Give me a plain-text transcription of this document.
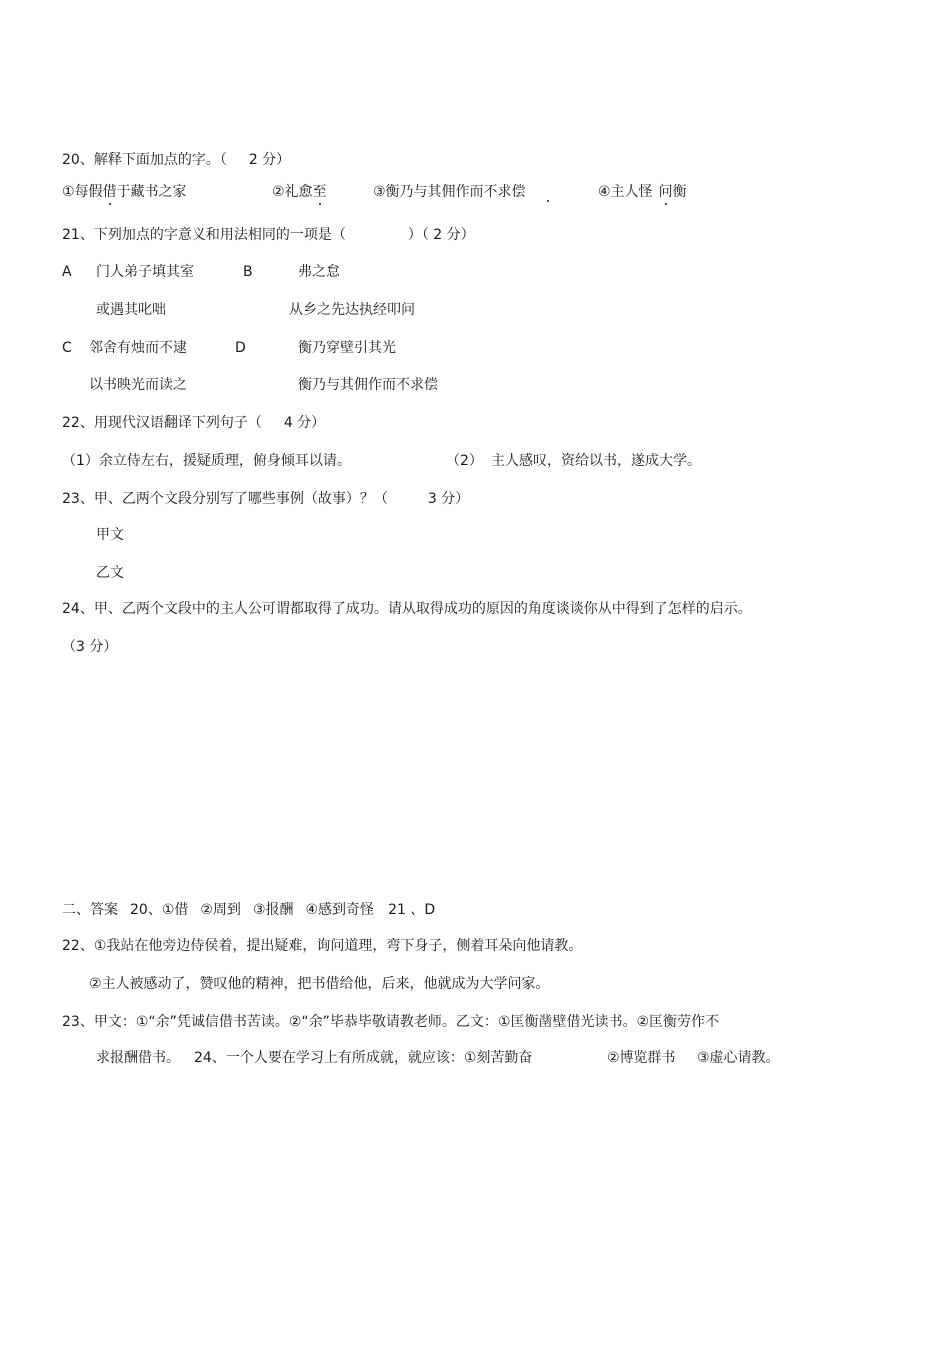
20、解释下面加点的字。（ 2 分）
①每假借于藏书之家	②礼愈至	③衡乃与其佣作而不求偿	④主人怪 问衡
21、下列加点的字意义和用法相同的一项是（	）（ 2 分）
A 门人弟子填其室	B	弗之怠
或遇其叱咄	从乡之先达执经叩问
C 邻舍有烛而不逮	D	衡乃穿壁引其光
以书映光而读之	衡乃与其佣作而不求偿
22、用现代汉语翻译下列句子（ 4 分）
（1）余立侍左右，援疑质理，俯身倾耳以请。	（2） 主人感叹，资给以书，遂成大学。
23、甲、乙两个文段分别写了哪些事例（故事）？（	3 分）
甲文
乙文
24、甲、乙两个文段中的主人公可谓都取得了成功。请从取得成功的原因的角度谈谈你从中得到了怎样的启示。
（3 分）
二、答案 20、①借 ②周到 ③报酬 ④感到奇怪 21 、D
22、①我站在他旁边侍侯着，提出疑难，询问道理，弯下身子，侧着耳朵向他请教。
②主人被感动了，赞叹他的精神，把书借给他，后来，他就成为大学问家。
23、甲文：①“余”凭诚信借书苦读。②“余”毕恭毕敬请教老师。乙文：①匡衡凿壁借光读书。②匡衡劳作不
求报酬借书。 24、一个人要在学习上有所成就，就应该：①刻苦勤奋	②博览群书 ③虚心请教。
